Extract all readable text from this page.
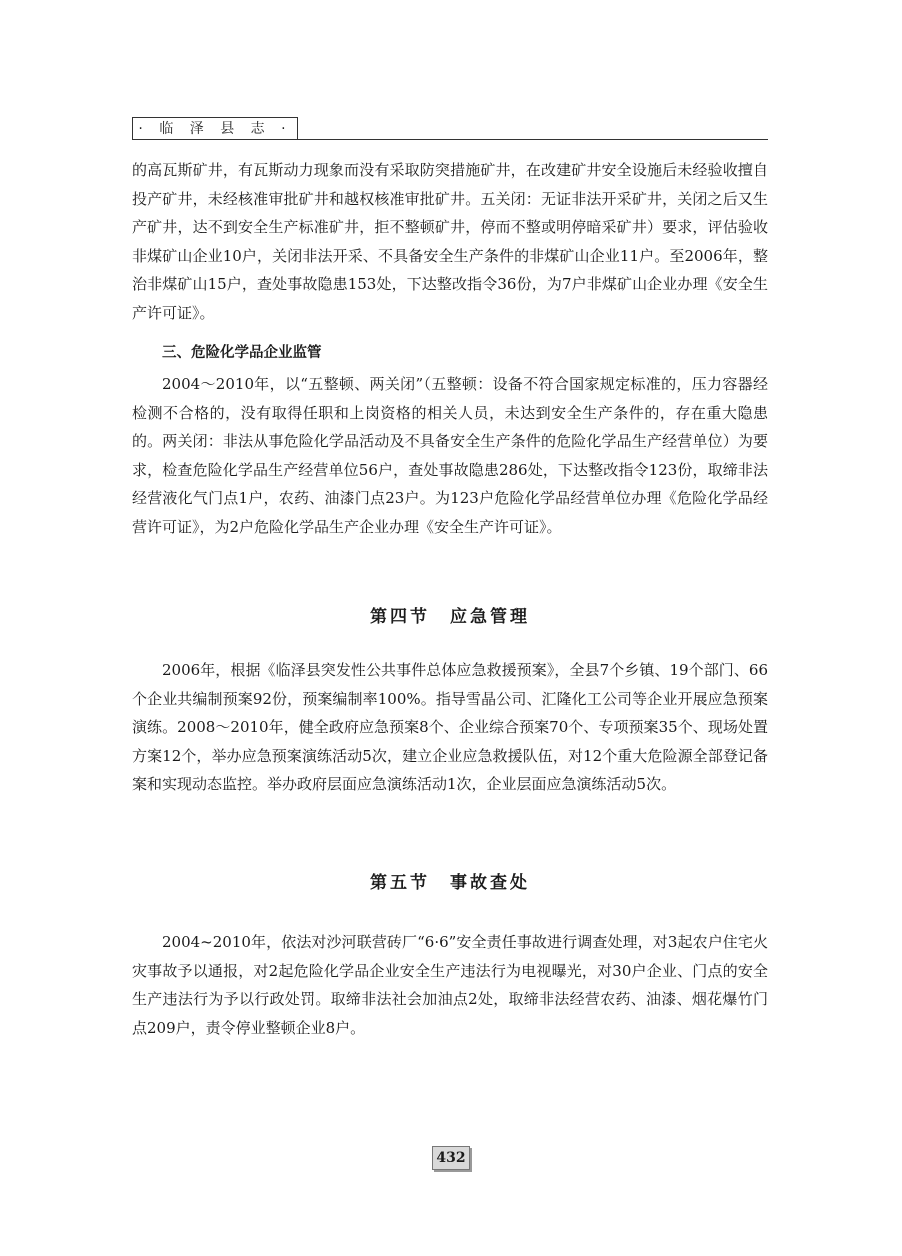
· 临 泽 县 志 ·

的高瓦斯矿井，有瓦斯动力现象而没有采取防突措施矿井，在改建矿井安全设施后未经验收擅自投产矿井，未经核准审批矿井和越权核准审批矿井。五关闭：无证非法开采矿井，关闭之后又生产矿井，达不到安全生产标准矿井，拒不整顿矿井，停而不整或明停暗采矿井）要求，评估验收非煤矿山企业10户，关闭非法开采、不具备安全生产条件的非煤矿山企业11户。至2006年，整治非煤矿山15户，查处事故隐患153处，下达整改指令36份，为7户非煤矿山企业办理《安全生产许可证》。

三、危险化学品企业监管

2004～2010年，以“五整顿、两关闭”（五整顿：设备不符合国家规定标准的，压力容器经检测不合格的，没有取得任职和上岗资格的相关人员，未达到安全生产条件的，存在重大隐患的。两关闭：非法从事危险化学品活动及不具备安全生产条件的危险化学品生产经营单位）为要求，检查危险化学品生产经营单位56户，查处事故隐患286处，下达整改指令123份，取缔非法经营液化气门点1户，农药、油漆门点23户。为123户危险化学品经营单位办理《危险化学品经营许可证》，为2户危险化学品生产企业办理《安全生产许可证》。

第四节　应急管理

2006年，根据《临泽县突发性公共事件总体应急救援预案》，全县7个乡镇、19个部门、66个企业共编制预案92份，预案编制率100%。指导雪晶公司、汇隆化工公司等企业开展应急预案演练。2008～2010年，健全政府应急预案8个、企业综合预案70个、专项预案35个、现场处置方案12个，举办应急预案演练活动5次，建立企业应急救援队伍，对12个重大危险源全部登记备案和实现动态监控。举办政府层面应急演练活动1次，企业层面应急演练活动5次。

第五节　事故查处

2004~2010年，依法对沙河联营砖厂“6·6”安全责任事故进行调查处理，对3起农户住宅火灾事故予以通报，对2起危险化学品企业安全生产违法行为电视曝光，对30户企业、门点的安全生产违法行为予以行政处罚。取缔非法社会加油点2处，取缔非法经营农药、油漆、烟花爆竹门点209户，责令停业整顿企业8户。

432
